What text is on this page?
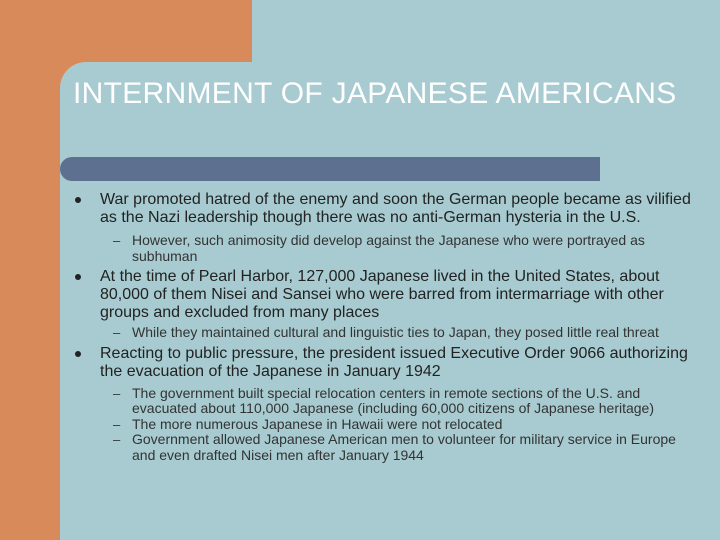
INTERNMENT OF JAPANESE AMERICANS
War promoted hatred of the enemy and soon the German people became as vilified as the Nazi leadership though there was no anti-German hysteria in the U.S.
– However, such animosity did develop against the Japanese who were portrayed as subhuman
At the time of Pearl Harbor, 127,000 Japanese lived in the United States, about 80,000 of them Nisei and Sansei who were barred from intermarriage with other groups and excluded from many places
– While they maintained cultural and linguistic ties to Japan, they posed little real threat
Reacting to public pressure, the president issued Executive Order 9066 authorizing the evacuation of the Japanese in January 1942
– The government built special relocation centers in remote sections of the U.S. and evacuated about 110,000 Japanese (including 60,000 citizens of Japanese heritage)
– The more numerous Japanese in Hawaii were not relocated
– Government allowed Japanese American men to volunteer for military service in Europe and even drafted Nisei men after January 1944
